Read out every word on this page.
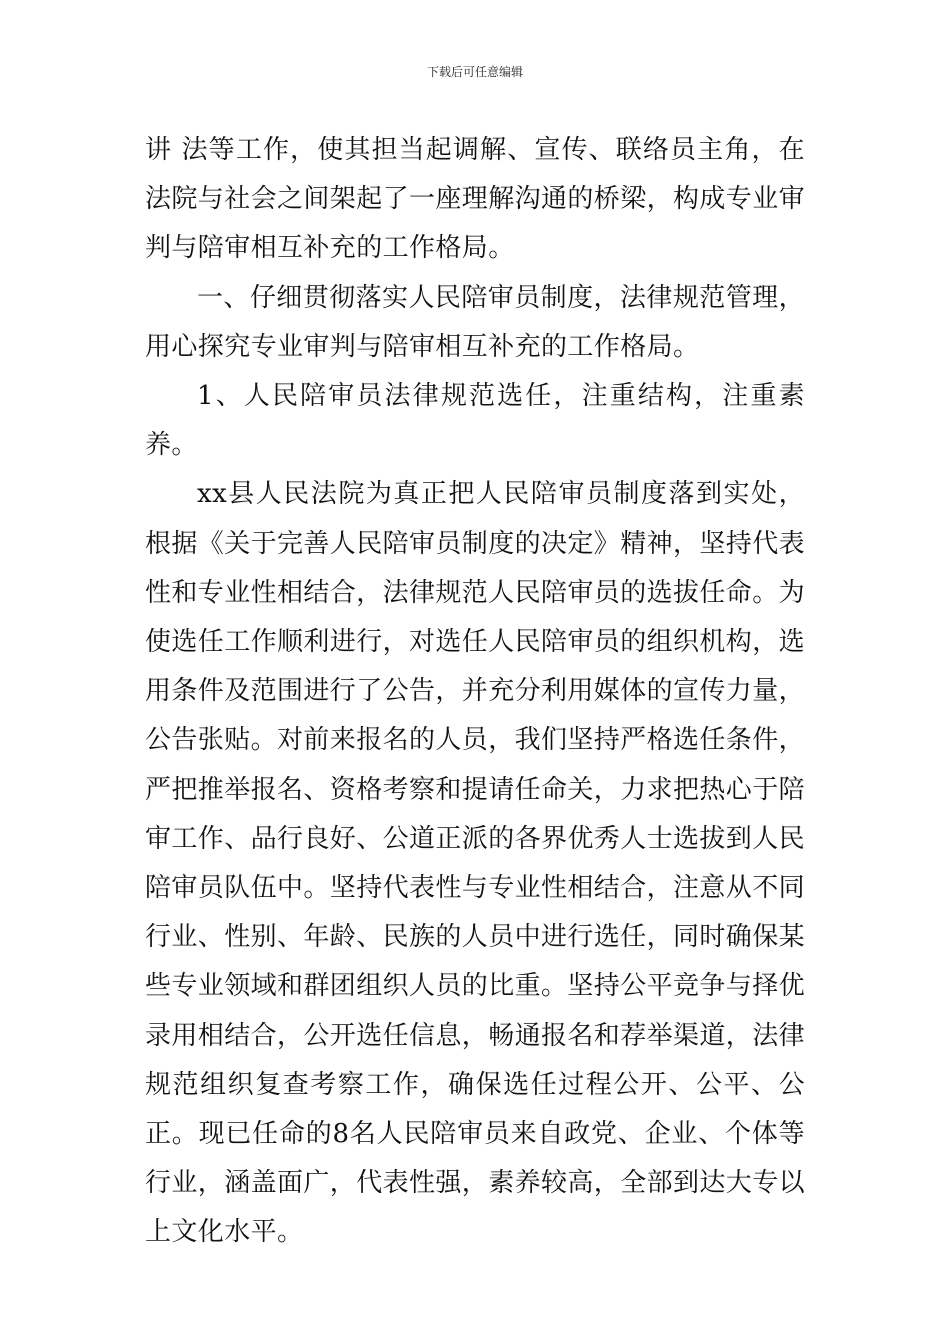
下载后可任意编辑

讲 法等工作，使其担当起调解、宣传、联络员主角，在法院与社会之间架起了一座理解沟通的桥梁，构成专业审判与陪审相互补充的工作格局。

一、仔细贯彻落实人民陪审员制度，法律规范管理，用心探究专业审判与陪审相互补充的工作格局。

1、人民陪审员法律规范选任，注重结构，注重素养。

xx县人民法院为真正把人民陪审员制度落到实处，根据《关于完善人民陪审员制度的决定》精神，坚持代表性和专业性相结合，法律规范人民陪审员的选拔任命。为使选任工作顺利进行，对选任人民陪审员的组织机构，选用条件及范围进行了公告，并充分利用媒体的宣传力量，公告张贴。对前来报名的人员，我们坚持严格选任条件，严把推举报名、资格考察和提请任命关，力求把热心于陪审工作、品行良好、公道正派的各界优秀人士选拔到人民陪审员队伍中。坚持代表性与专业性相结合，注意从不同行业、性别、年龄、民族的人员中进行选任，同时确保某些专业领域和群团组织人员的比重。坚持公平竞争与择优录用相结合，公开选任信息，畅通报名和荐举渠道，法律规范组织复查考察工作，确保选任过程公开、公平、公正。现已任命的8名人民陪审员来自政党、企业、个体等行业，涵盖面广，代表性强，素养较高，全部到达大专以上文化水平。
